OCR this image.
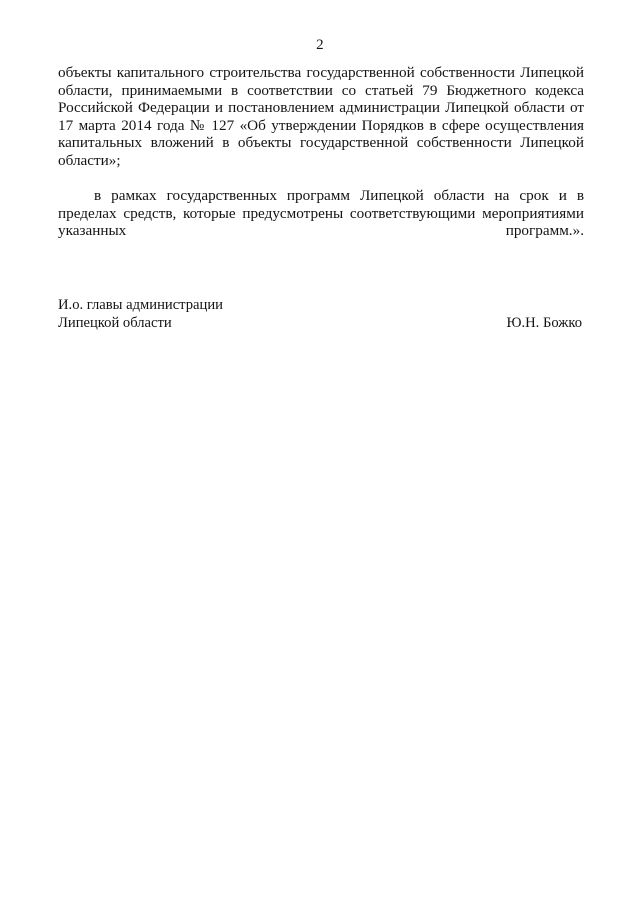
2

объекты капитального строительства государственной собственности Липецкой области, принимаемыми в соответствии со статьей 79 Бюджетного кодекса Российской Федерации и постановлением администрации Липецкой области от 17 марта 2014 года № 127 «Об утверждении Порядков в сфере осуществления капитальных вложений в объекты государственной собственности Липецкой области»;

в рамках государственных программ Липецкой области на срок и в пределах средств, которые предусмотрены соответствующими мероприятиями указанных программ.».

И.о. главы администрации
Липецкой области	Ю.Н. Божко
